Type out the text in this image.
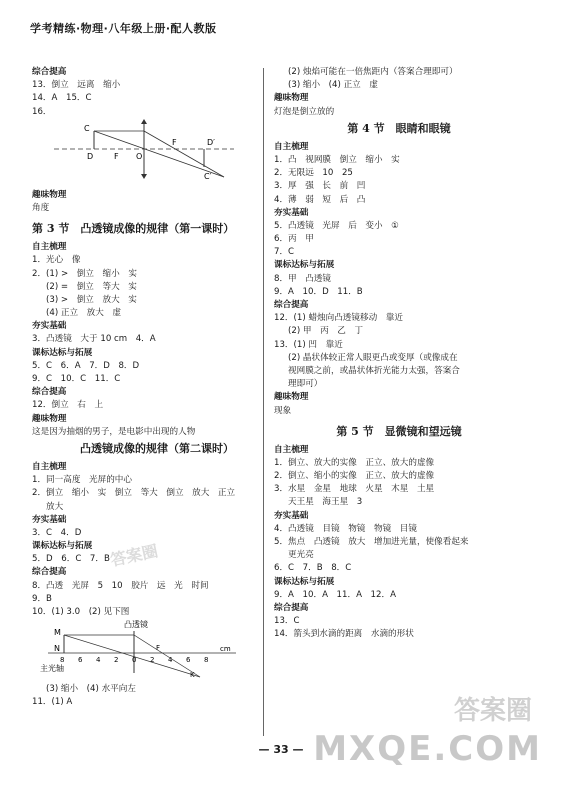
学考精练·物理·八年级上册·配人教版
综合提高
13．倒立　远离　缩小
14．A　15．C
16．
C
D	F O
F	D′
C′
趣味物理
角度
第 3 节　凸透镜成像的规律（第一课时）
自主梳理
1．光心　像
2．(1) >　倒立　缩小　实
(2) =　倒立　等大　实
(3) >　倒立　放大　实
(4) 正立　放大　虚
夯实基础
3．凸透镜　大于 10 cm　4．A
课标达标与拓展
5．C　6．A　7．D　8．D
9．C　10．C　11．C
综合提高
12．倒立　右　上
趣味物理
这是因为抽烟的男子，是电影中出现的人物
凸透镜成像的规律（第二课时）
自主梳理
1．同一高度　光屏的中心
2．倒立　缩小　实　倒立　等大　倒立　放大　正立
放大
夯实基础
3．C　4．D
课标达标与拓展
5．D　6．C　7．B
综合提高
8．凸透　光屏　5　10　胶片　远　光　时间
9．B
10．(1) 3.0　(2) 见下图
凸透镜
M
N
主光轴
8 6 4 2 0 2 4 6 8
cm
F
K
(3) 缩小　(4) 水平向左
11．(1) A
(2) 烛焰可能在一倍焦距内（答案合理即可）
(3) 缩小　(4) 正立　虚
趣味物理
灯泡是倒立放的
第 4 节　眼睛和眼镜
自主梳理
1．凸　视网膜　倒立　缩小　实
2．无限远　10　25
3．厚　强　长　前　凹
4．薄　弱　短　后　凸
夯实基础
5．凸透镜　光屏　后　变小　①
6．丙　甲
7．C
课标达标与拓展
8．甲　凸透镜
9．A　10．D　11．B
综合提高
12．(1) 蜡烛向凸透镜移动　靠近
(2) 甲　丙　乙　丁
13．(1) 凹　靠近
(2) 晶状体较正常人眼更凸或变厚（或像成在
视网膜之前，或晶状体折光能力太强，答案合
理即可）
趣味物理
现象
第 5 节　显微镜和望远镜
自主梳理
1．倒立、放大的实像　正立、放大的虚像
2．倒立、缩小的实像　正立、放大的虚像
3．水星　金星　地球　火星　木星　土星
天王星　海王星　3
夯实基础
4．凸透镜　目镜　物镜　物镜　目镜
5．焦点　凸透镜　放大　增加进光量，使像看起来
更光亮
6．C　7．B　8．C
课标达标与拓展
9．A　10．A　11．A　12．A
综合提高
13．C
14．箭头到水滴的距离　水滴的形状
答案圈
答案圈
MXQE.COM
— 33 —
